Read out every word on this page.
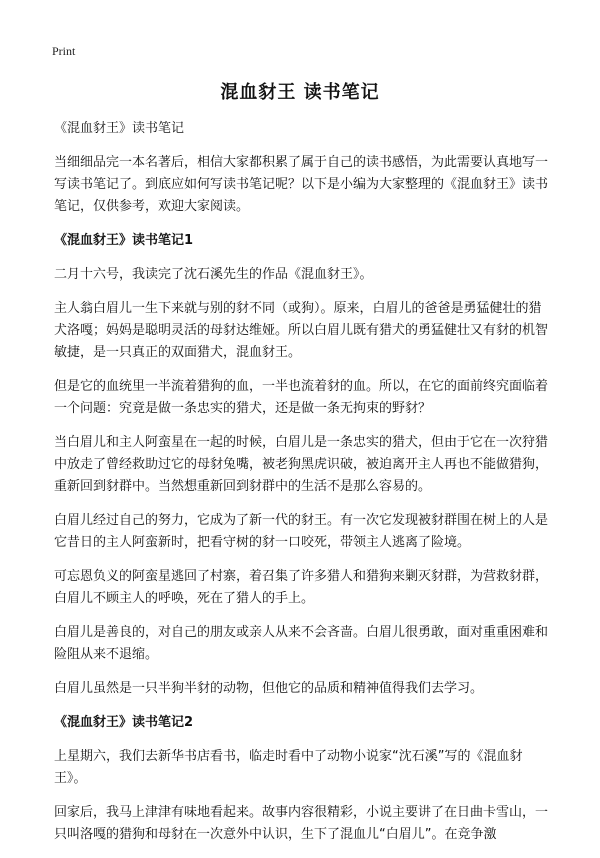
Print
混血豺王 读书笔记

《混血豺王》读书笔记

当细细品完一本名著后，相信大家都积累了属于自己的读书感悟，为此需要认真地写一写读书笔记了。到底应如何写读书笔记呢？以下是小编为大家整理的《混血豺王》读书笔记，仅供参考，欢迎大家阅读。

《混血豺王》读书笔记1

二月十六号，我读完了沈石溪先生的作品《混血豺王》。

主人翁白眉儿一生下来就与别的豺不同（或狗）。原来，白眉儿的爸爸是勇猛健壮的猎犬洛嘎；妈妈是聪明灵活的母豺达维娅。所以白眉儿既有猎犬的勇猛健壮又有豺的机智敏捷，是一只真正的双面猎犬，混血豺王。

但是它的血统里一半流着猎狗的血，一半也流着豺的血。所以，在它的面前终究面临着一个问题：究竟是做一条忠实的猎犬，还是做一条无拘束的野豺？

当白眉儿和主人阿蛮星在一起的时候，白眉儿是一条忠实的猎犬，但由于它在一次狩猎中放走了曾经救助过它的母豺兔嘴，被老狗黑虎识破，被迫离开主人再也不能做猎狗，重新回到豺群中。当然想重新回到豺群中的生活不是那么容易的。

白眉儿经过自己的努力，它成为了新一代的豺王。有一次它发现被豺群围在树上的人是它昔日的主人阿蛮新时，把看守树的豺一口咬死，带领主人逃离了险境。

可忘恩负义的阿蛮星逃回了村寨，着召集了许多猎人和猎狗来剿灭豺群，为营救豺群，白眉儿不顾主人的呼唤，死在了猎人的手上。

白眉儿是善良的，对自己的朋友或亲人从来不会吝啬。白眉儿很勇敢，面对重重困难和险阻从来不退缩。

白眉儿虽然是一只半狗半豺的动物，但他它的品质和精神值得我们去学习。

《混血豺王》读书笔记2

上星期六，我们去新华书店看书，临走时看中了动物小说家“沈石溪”写的《混血豺王》。

回家后，我马上津津有味地看起来。故事内容很精彩，小说主要讲了在日曲卡雪山，一只叫洛嘎的猎狗和母豺在一次意外中认识，生下了混血儿“白眉儿”。在竞争激
